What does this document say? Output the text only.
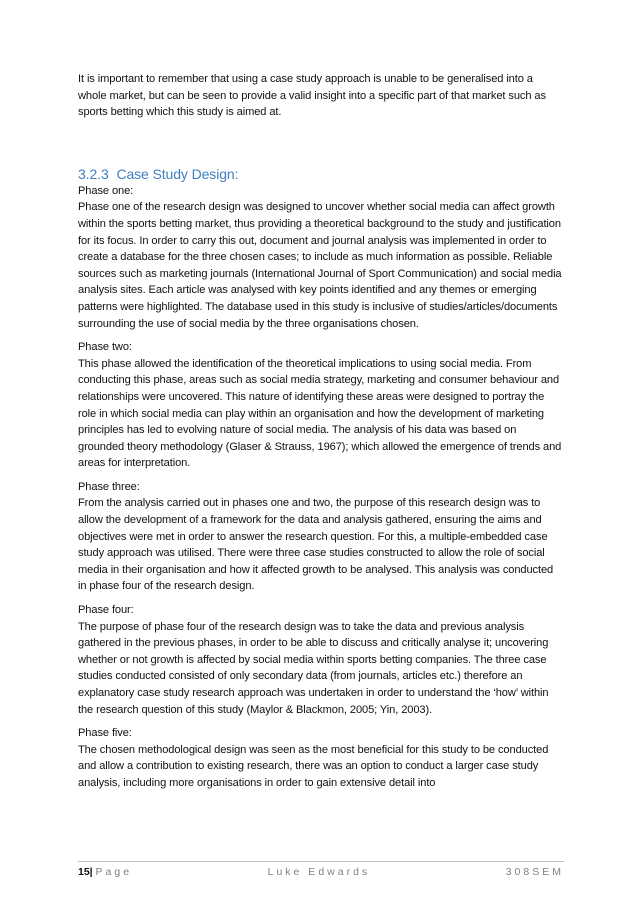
It is important to remember that using a case study approach is unable to be generalised into a whole market, but can be seen to provide a valid insight into a specific part of that market such as sports betting which this study is aimed at.

3.2.3 Case Study Design:

Phase one:

Phase one of the research design was designed to uncover whether social media can affect growth within the sports betting market, thus providing a theoretical background to the study and justification for its focus. In order to carry this out, document and journal analysis was implemented in order to create a database for the three chosen cases; to include as much information as possible. Reliable sources such as marketing journals (International Journal of Sport Communication) and social media analysis sites. Each article was analysed with key points identified and any themes or emerging patterns were highlighted. The database used in this study is inclusive of studies/articles/documents surrounding the use of social media by the three organisations chosen.

Phase two:

This phase allowed the identification of the theoretical implications to using social media. From conducting this phase, areas such as social media strategy, marketing and consumer behaviour and relationships were uncovered. This nature of identifying these areas were designed to portray the role in which social media can play within an organisation and how the development of marketing principles has led to evolving nature of social media. The analysis of his data was based on grounded theory methodology (Glaser & Strauss, 1967); which allowed the emergence of trends and areas for interpretation.

Phase three:

From the analysis carried out in phases one and two, the purpose of this research design was to allow the development of a framework for the data and analysis gathered, ensuring the aims and objectives were met in order to answer the research question. For this, a multiple-embedded case study approach was utilised. There were three case studies constructed to allow the role of social media in their organisation and how it affected growth to be analysed. This analysis was conducted in phase four of the research design.

Phase four:

The purpose of phase four of the research design was to take the data and previous analysis gathered in the previous phases, in order to be able to discuss and critically analyse it; uncovering whether or not growth is affected by social media within sports betting companies. The three case studies conducted consisted of only secondary data (from journals, articles etc.) therefore an explanatory case study research approach was undertaken in order to understand the ‘how’ within the research question of this study (Maylor & Blackmon, 2005; Yin, 2003).

Phase five:

The chosen methodological design was seen as the most beneficial for this study to be conducted and allow a contribution to existing research, there was an option to conduct a larger case study analysis, including more organisations in order to gain extensive detail into

15| Page	Luke Edwards	308SEM
